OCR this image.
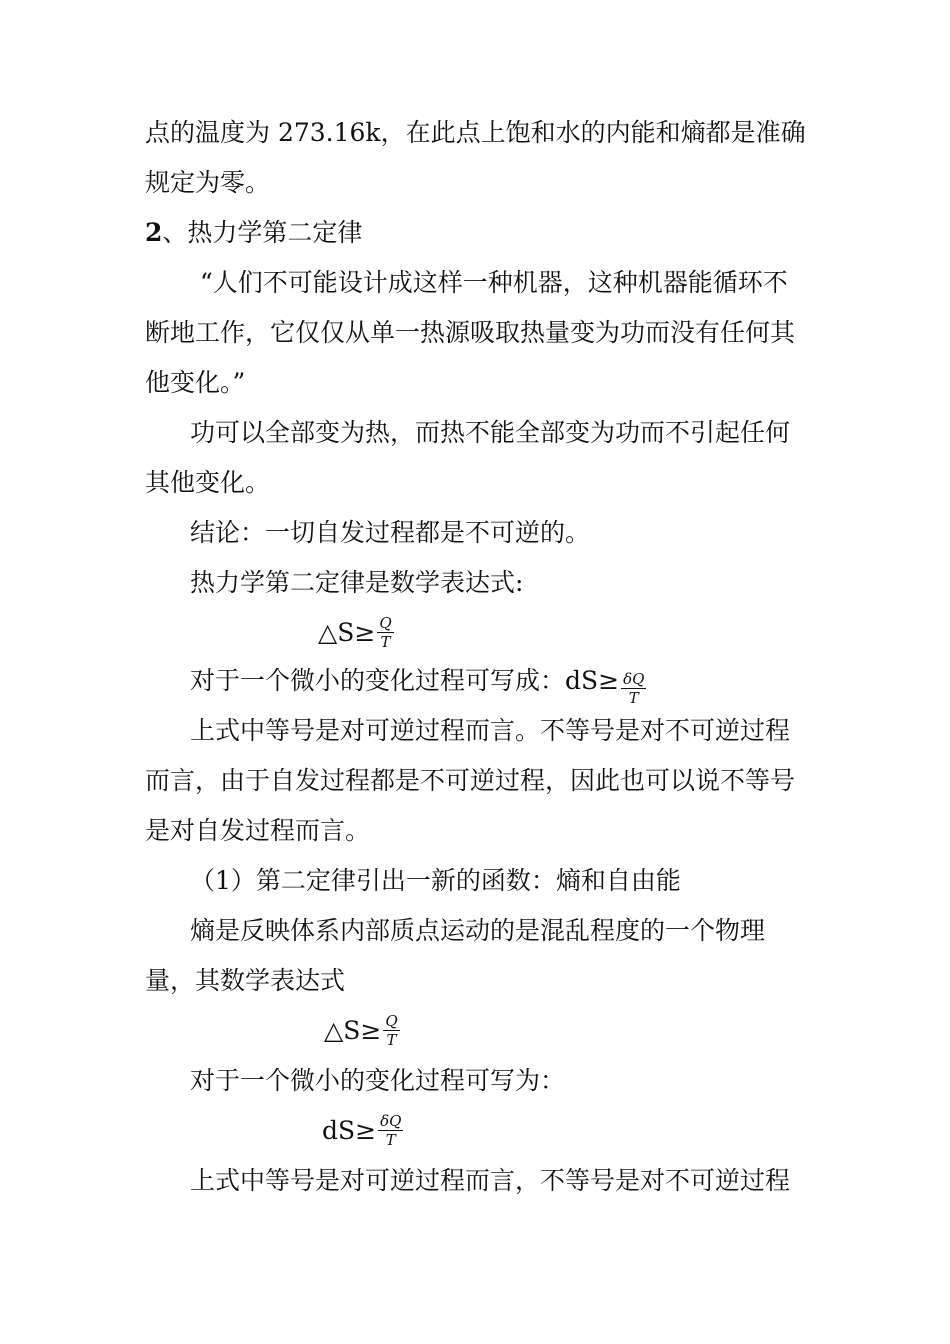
点的温度为 273.16k，在此点上饱和水的内能和熵都是准确
规定为零。
2、热力学第二定律
“人们不可能设计成这样一种机器，这种机器能循环不
断地工作，它仅仅从单一热源吸取热量变为功而没有任何其
他变化。”
功可以全部变为热，而热不能全部变为功而不引起任何
其他变化。
结论：一切自发过程都是不可逆的。
热力学第二定律是数学表达式:
△S≥ $\frac{Q}{T}$
对于一个微小的变化过程可写成：$dS\ge \frac{\delta Q}{T}$
上式中等号是对可逆过程而言。不等号是对不可逆过程
而言，由于自发过程都是不可逆过程，因此也可以说不等号
是对自发过程而言。
（1）第二定律引出一新的函数：熵和自由能
熵是反映体系内部质点运动的是混乱程度的一个物理
量，其数学表达式
△S≥ $\frac{Q}{T}$
对于一个微小的变化过程可写为：
$dS\ge \frac{\delta Q}{T}$
上式中等号是对可逆过程而言，不等号是对不可逆过程
